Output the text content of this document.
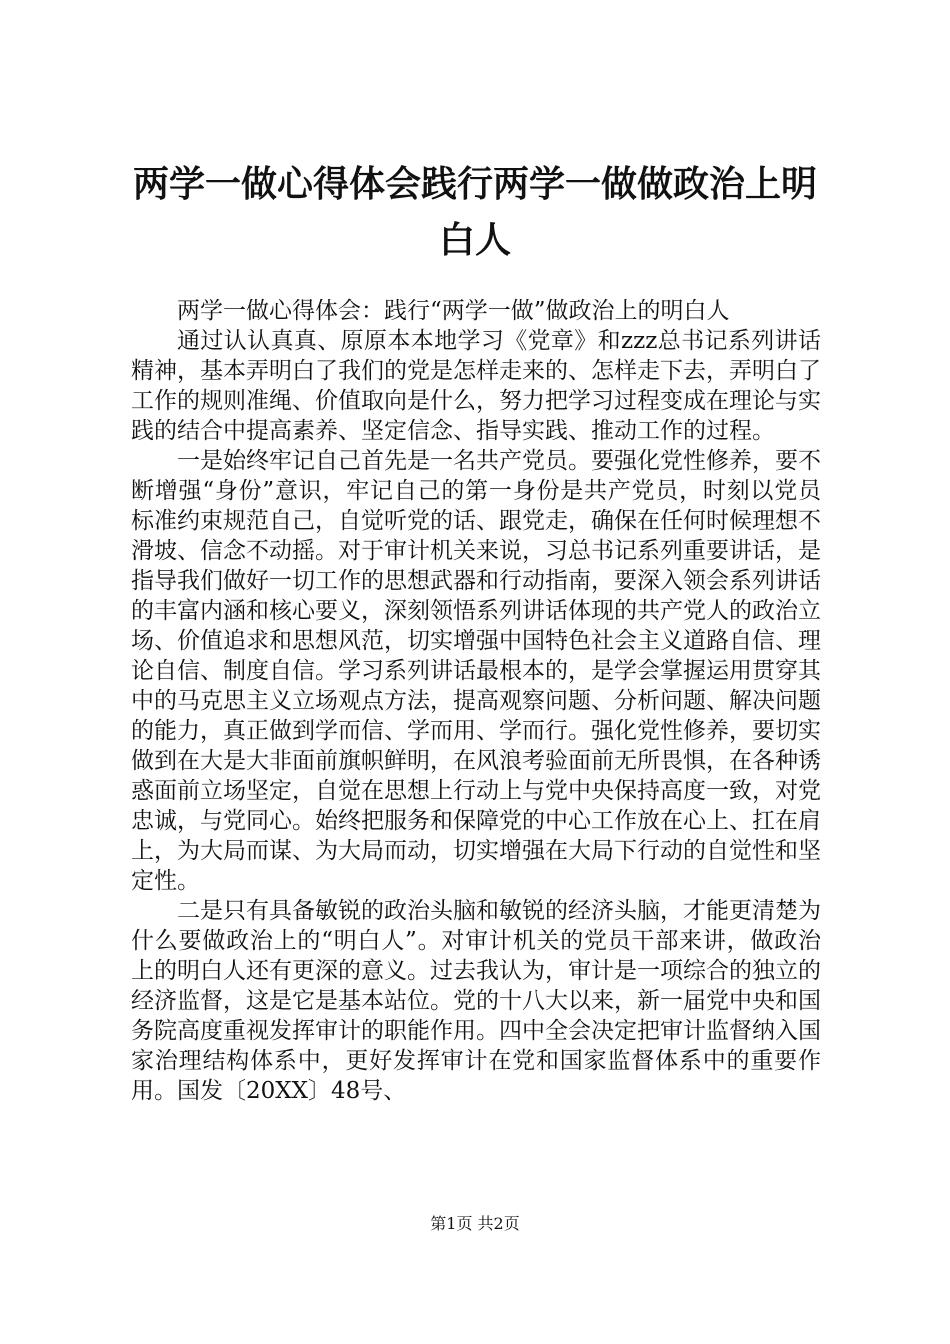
两学一做心得体会践行两学一做做政治上明白人

两学一做心得体会：践行“两学一做”做政治上的明白人

通过认认真真、原原本本地学习《党章》和zzz总书记系列讲话精神，基本弄明白了我们的党是怎样走来的、怎样走下去，弄明白了工作的规则准绳、价值取向是什么，努力把学习过程变成在理论与实践的结合中提高素养、坚定信念、指导实践、推动工作的过程。

一是始终牢记自己首先是一名共产党员。要强化党性修养，要不断增强“身份”意识，牢记自己的第一身份是共产党员，时刻以党员标准约束规范自己，自觉听党的话、跟党走，确保在任何时候理想不滑坡、信念不动摇。对于审计机关来说，习总书记系列重要讲话，是指导我们做好一切工作的思想武器和行动指南，要深入领会系列讲话的丰富内涵和核心要义，深刻领悟系列讲话体现的共产党人的政治立场、价值追求和思想风范，切实增强中国特色社会主义道路自信、理论自信、制度自信。学习系列讲话最根本的，是学会掌握运用贯穿其中的马克思主义立场观点方法，提高观察问题、分析问题、解决问题的能力，真正做到学而信、学而用、学而行。强化党性修养，要切实做到在大是大非面前旗帜鲜明，在风浪考验面前无所畏惧，在各种诱惑面前立场坚定，自觉在思想上行动上与党中央保持高度一致，对党忠诚，与党同心。始终把服务和保障党的中心工作放在心上、扛在肩上，为大局而谋、为大局而动，切实增强在大局下行动的自觉性和坚定性。

二是只有具备敏锐的政治头脑和敏锐的经济头脑，才能更清楚为什么要做政治上的“明白人”。对审计机关的党员干部来讲，做政治上的明白人还有更深的意义。过去我认为，审计是一项综合的独立的经济监督，这是它是基本站位。党的十八大以来，新一届党中央和国务院高度重视发挥审计的职能作用。四中全会决定把审计监督纳入国家治理结构体系中，更好发挥审计在党和国家监督体系中的重要作用。国发〔20XX〕48号、

第1页 共2页
